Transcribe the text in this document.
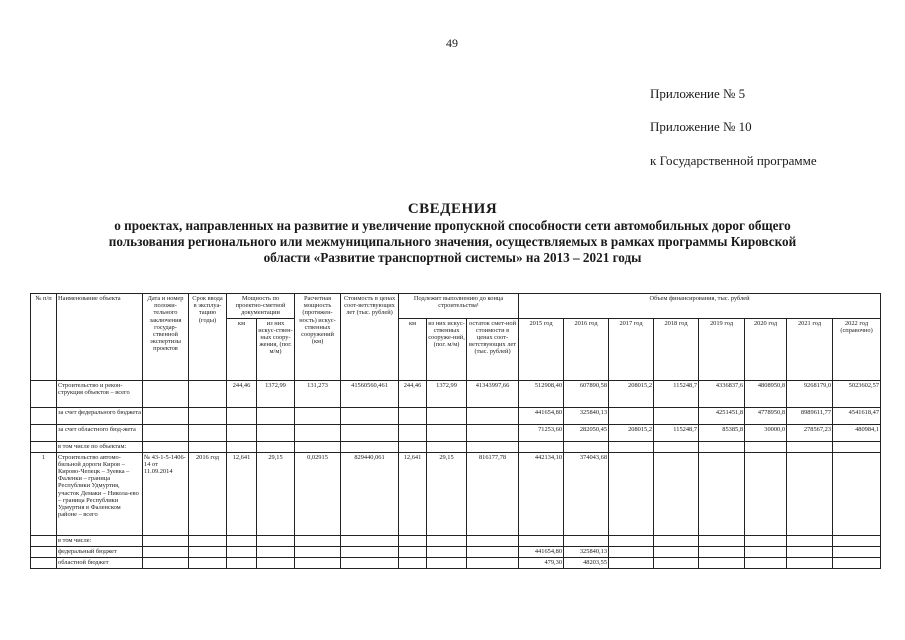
49
Приложение № 5
Приложение № 10
к Государственной программе
СВЕДЕНИЯ
о проектах, направленных на развитие и увеличение пропускной способности сети автомобильных дорог общего
пользования регионального или межмуниципального значения, осуществляемых в рамках программы Кировской
области «Развитие транспортной системы» на 2013 – 2021 годы
№ п/п	Наименование объекта	Дата и номер положи-тельного заключения государ-ственной экспертизы проектов	Срок ввода в эксплуа-тацию (годы)	Мощность по проектно-сметной документации		Расчетная мощность (протяжен-ность) искус-ственных сооружений (км)	Стоимость в ценах соот-ветствующих лет (тыс. рублей)	Подлежит выполнению до конца строительства¹			Объем финансирования, тыс. рублей							
				км	из них искус-ствен-ных соору-жения, (пог. м/м)			км	из них искус-ственных сооруже-ний, (пог. м/м)	остаток смет-ной стоимости в ценах соот-ветствующих лет (тыс. рублей)	2015 год	2016 год	2017 год	2018 год	2019 год	2020 год	2021 год	2022 год (справочно)
	Строительство и рекон-струкция объектов – всего			244,46	1372,99	131,273	41560560,461	244,46	1372,99	41343997,66	512908,40	607890,58	208015,2	115248,7	4336837,6	4808950,8	9268179,0	5023602,57
	за счет федерального бюджета										441654,80	325840,13			4251451,8	4778950,8	8989611,77	4541618,47
	за счет областного бюд-жета										71253,60	282050,45	208015,2	115248,7	85385,8	30000,0	278567,23	480984,1
	в том числе по объектам:																	
1	Строительство автомо-бильной дороги Киров – Кирово-Чепецк – Зуевка – Фаленки – граница Республики Удмуртия, участок Демаки – Никола-ево – граница Республики Удмуртия в Фаленском районе – всего	№ 43-1-5-1406-14 от 11.09.2014	2016 год	12,641	29,15	0,02915	829440,061	12,641	29,15	816177,78	442134,10	374043,68						
	в том числе:																	
	федеральный бюджет										441654,80	325840,13						
	областной бюджет										479,30	48203,55						
